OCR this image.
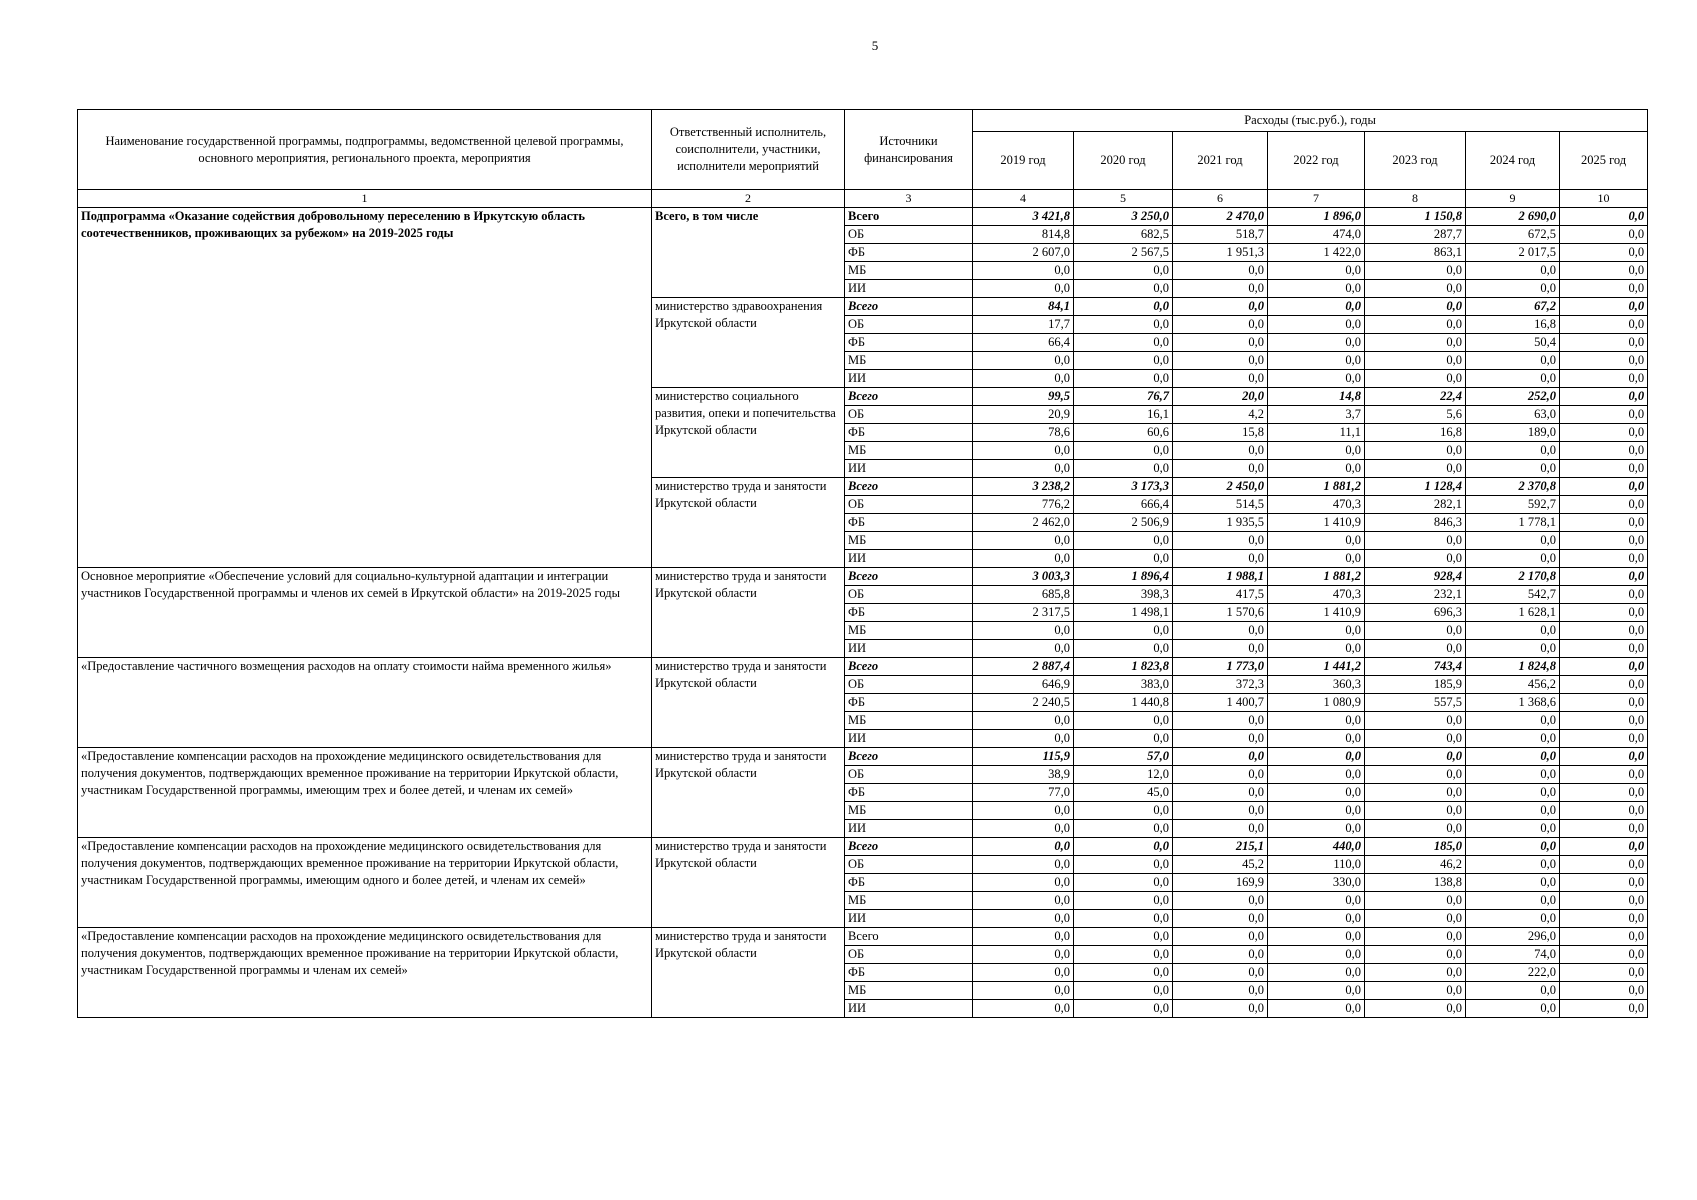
5
Наименование государственной программы, подпрограммы, ведомственной целевой программы, основного мероприятия, регионального проекта, мероприятия	Ответственный исполнитель, соисполнители, участники, исполнители мероприятий	Источники финансирования	Расходы (тыс.руб.), годы						
			2019 год	2020 год	2021 год	2022 год	2023 год	2024 год	2025 год
1	2	3	4	5	6	7	8	9	10
Подпрограмма «Оказание содействия добровольному переселению в Иркутскую область соотечественников, проживающих за рубежом» на 2019-2025 годы	Всего, в том числе	Всего	3 421,8	3 250,0	2 470,0	1 896,0	1 150,8	2 690,0	0,0
		ОБ	814,8	682,5	518,7	474,0	287,7	672,5	0,0
		ФБ	2 607,0	2 567,5	1 951,3	1 422,0	863,1	2 017,5	0,0
		МБ	0,0	0,0	0,0	0,0	0,0	0,0	0,0
		ИИ	0,0	0,0	0,0	0,0	0,0	0,0	0,0
	министерство здравоохранения Иркутской области	Всего	84,1	0,0	0,0	0,0	0,0	67,2	0,0
		ОБ	17,7	0,0	0,0	0,0	0,0	16,8	0,0
		ФБ	66,4	0,0	0,0	0,0	0,0	50,4	0,0
		МБ	0,0	0,0	0,0	0,0	0,0	0,0	0,0
		ИИ	0,0	0,0	0,0	0,0	0,0	0,0	0,0
	министерство социального развития, опеки и попечительства Иркутской области	Всего	99,5	76,7	20,0	14,8	22,4	252,0	0,0
		ОБ	20,9	16,1	4,2	3,7	5,6	63,0	0,0
		ФБ	78,6	60,6	15,8	11,1	16,8	189,0	0,0
		МБ	0,0	0,0	0,0	0,0	0,0	0,0	0,0
		ИИ	0,0	0,0	0,0	0,0	0,0	0,0	0,0
	министерство труда и занятости Иркутской области	Всего	3 238,2	3 173,3	2 450,0	1 881,2	1 128,4	2 370,8	0,0
		ОБ	776,2	666,4	514,5	470,3	282,1	592,7	0,0
		ФБ	2 462,0	2 506,9	1 935,5	1 410,9	846,3	1 778,1	0,0
		МБ	0,0	0,0	0,0	0,0	0,0	0,0	0,0
		ИИ	0,0	0,0	0,0	0,0	0,0	0,0	0,0
Основное мероприятие «Обеспечение условий для социально-культурной адаптации и интеграции участников Государственной программы и членов их семей в Иркутской области» на 2019-2025 годы	министерство труда и занятости Иркутской области	Всего	3 003,3	1 896,4	1 988,1	1 881,2	928,4	2 170,8	0,0
		ОБ	685,8	398,3	417,5	470,3	232,1	542,7	0,0
		ФБ	2 317,5	1 498,1	1 570,6	1 410,9	696,3	1 628,1	0,0
		МБ	0,0	0,0	0,0	0,0	0,0	0,0	0,0
		ИИ	0,0	0,0	0,0	0,0	0,0	0,0	0,0
«Предоставление частичного возмещения расходов на оплату стоимости найма временного жилья»	министерство труда и занятости Иркутской области	Всего	2 887,4	1 823,8	1 773,0	1 441,2	743,4	1 824,8	0,0
		ОБ	646,9	383,0	372,3	360,3	185,9	456,2	0,0
		ФБ	2 240,5	1 440,8	1 400,7	1 080,9	557,5	1 368,6	0,0
		МБ	0,0	0,0	0,0	0,0	0,0	0,0	0,0
		ИИ	0,0	0,0	0,0	0,0	0,0	0,0	0,0
«Предоставление компенсации расходов на прохождение медицинского освидетельствования для получения документов, подтверждающих временное проживание на территории Иркутской области, участникам Государственной программы, имеющим трех и более детей, и членам их семей»	министерство труда и занятости Иркутской области	Всего	115,9	57,0	0,0	0,0	0,0	0,0	0,0
		ОБ	38,9	12,0	0,0	0,0	0,0	0,0	0,0
		ФБ	77,0	45,0	0,0	0,0	0,0	0,0	0,0
		МБ	0,0	0,0	0,0	0,0	0,0	0,0	0,0
		ИИ	0,0	0,0	0,0	0,0	0,0	0,0	0,0
«Предоставление компенсации расходов на прохождение медицинского освидетельствования для получения документов, подтверждающих временное проживание на территории Иркутской области, участникам Государственной программы, имеющим одного и более детей, и членам их семей»	министерство труда и занятости Иркутской области	Всего	0,0	0,0	215,1	440,0	185,0	0,0	0,0
		ОБ	0,0	0,0	45,2	110,0	46,2	0,0	0,0
		ФБ	0,0	0,0	169,9	330,0	138,8	0,0	0,0
		МБ	0,0	0,0	0,0	0,0	0,0	0,0	0,0
		ИИ	0,0	0,0	0,0	0,0	0,0	0,0	0,0
«Предоставление компенсации расходов на прохождение медицинского освидетельствования для получения документов, подтверждающих временное проживание на территории Иркутской области, участникам Государственной программы и членам их семей»	министерство труда и занятости Иркутской области	Всего	0,0	0,0	0,0	0,0	0,0	296,0	0,0
		ОБ	0,0	0,0	0,0	0,0	0,0	74,0	0,0
		ФБ	0,0	0,0	0,0	0,0	0,0	222,0	0,0
		МБ	0,0	0,0	0,0	0,0	0,0	0,0	0,0
		ИИ	0,0	0,0	0,0	0,0	0,0	0,0	0,0
